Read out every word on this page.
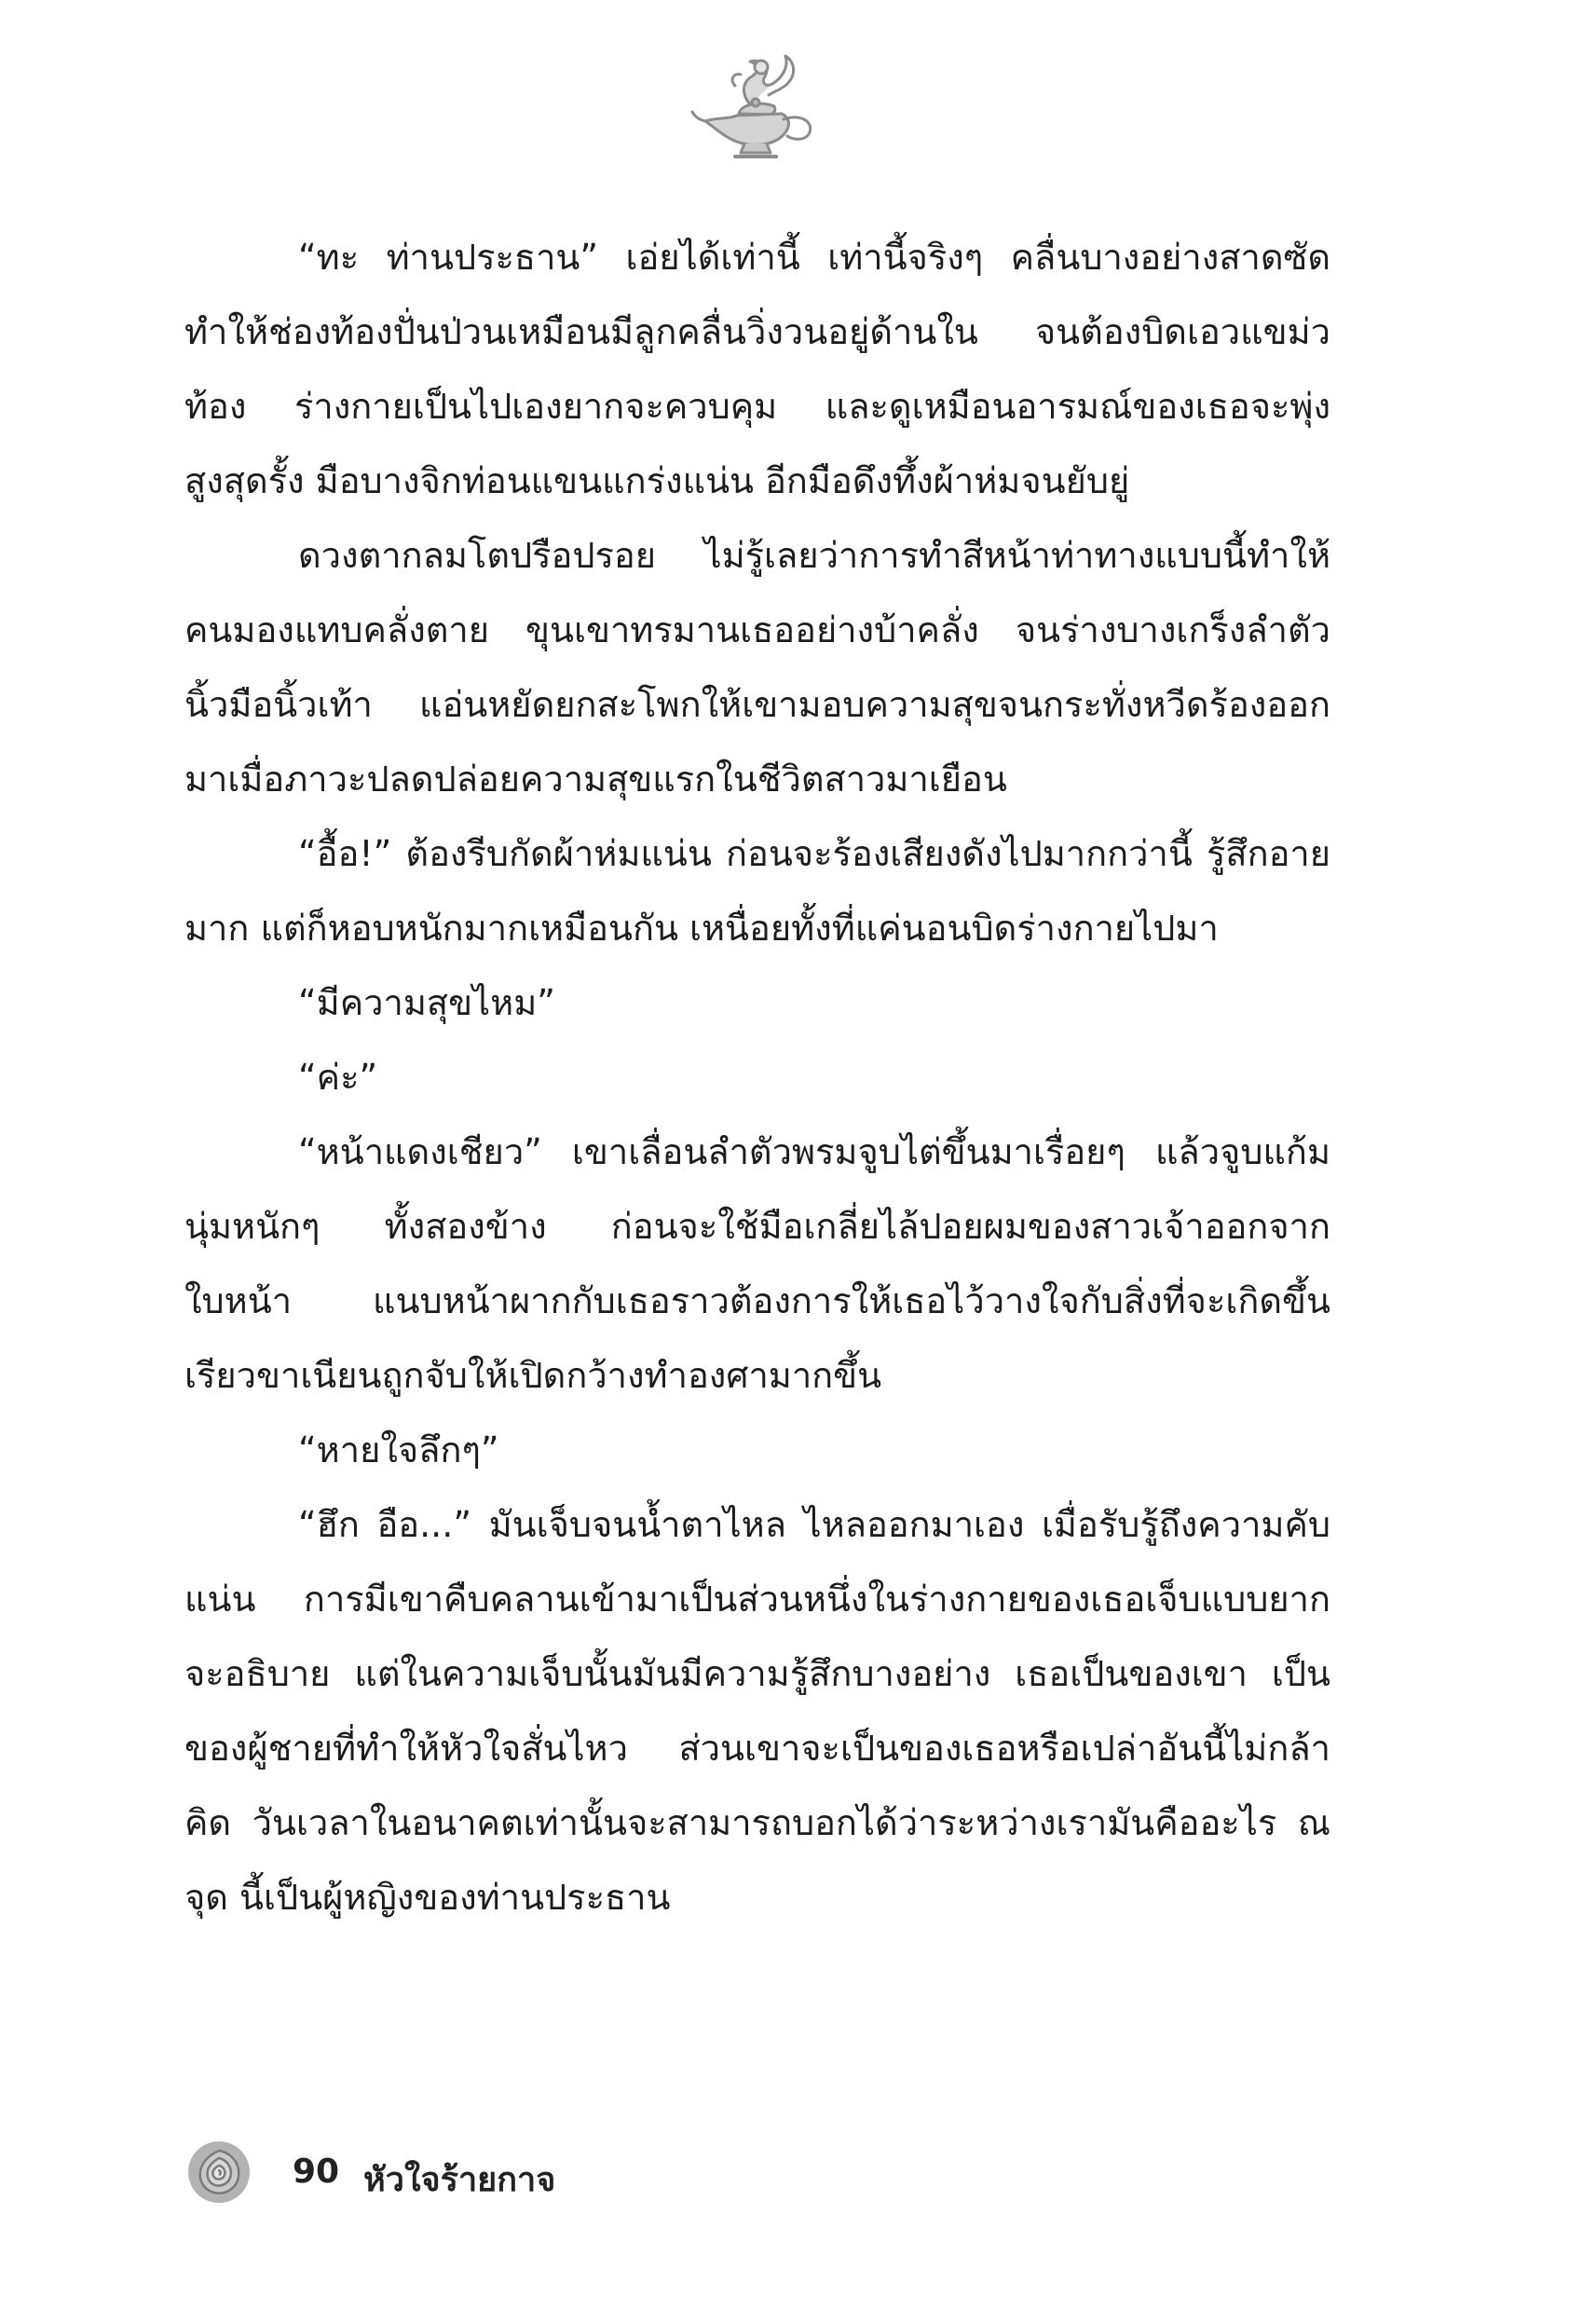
“ทะ ท่านประธาน” เอ่ยได้เท่านี้ เท่านี้จริงๆ คลื่นบางอย่างสาดซัดทำให้ช่องท้องปั่นป่วนเหมือนมีลูกคลื่นวิ่งวนอยู่ด้านใน จนต้องบิดเอวแขม่วท้อง ร่างกายเป็นไปเองยากจะควบคุม และดูเหมือนอารมณ์ของเธอจะพุ่งสูงสุดรั้ง มือบางจิกท่อนแขนแกร่งแน่น อีกมือดึงทึ้งผ้าห่มจนยับยู่

ดวงตากลมโตปรือปรอย ไม่รู้เลยว่าการทำสีหน้าท่าทางแบบนี้ทำให้คนมองแทบคลั่งตาย ขุนเขาทรมานเธออย่างบ้าคลั่ง จนร่างบางเกร็งลำตัว นิ้วมือนิ้วเท้า แอ่นหยัดยกสะโพกให้เขามอบความสุขจนกระทั่งหวีดร้องออกมาเมื่อภาวะปลดปล่อยความสุขแรกในชีวิตสาวมาเยือน

“อื้อ!” ต้องรีบกัดผ้าห่มแน่น ก่อนจะร้องเสียงดังไปมากกว่านี้ รู้สึกอายมาก แต่ก็หอบหนักมากเหมือนกัน เหนื่อยทั้งที่แค่นอนบิดร่างกายไปมา

“มีความสุขไหม”

“ค่ะ”

“หน้าแดงเชียว” เขาเลื่อนลำตัวพรมจูบไต่ขึ้นมาเรื่อยๆ แล้วจูบแก้มนุ่มหนักๆ ทั้งสองข้าง ก่อนจะใช้มือเกลี่ยไล้ปอยผมของสาวเจ้าออกจากใบหน้า แนบหน้าผากกับเธอราวต้องการให้เธอไว้วางใจกับสิ่งที่จะเกิดขึ้น เรียวขาเนียนถูกจับให้เปิดกว้างทำองศามากขึ้น

“หายใจลึกๆ”

“ฮึก อือ...” มันเจ็บจนน้ำตาไหล ไหลออกมาเอง เมื่อรับรู้ถึงความคับแน่น การมีเขาคืบคลานเข้ามาเป็นส่วนหนึ่งในร่างกายของเธอเจ็บแบบยากจะอธิบาย แต่ในความเจ็บนั้นมันมีความรู้สึกบางอย่าง เธอเป็นของเขา เป็นของผู้ชายที่ทำให้หัวใจสั่นไหว ส่วนเขาจะเป็นของเธอหรือเปล่าอันนี้ไม่กล้าคิด วันเวลาในอนาคตเท่านั้นจะสามารถบอกได้ว่าระหว่างเรามันคืออะไร ณ จุด นี้เป็นผู้หญิงของท่านประธาน

90 หัวใจร้ายกาจ
